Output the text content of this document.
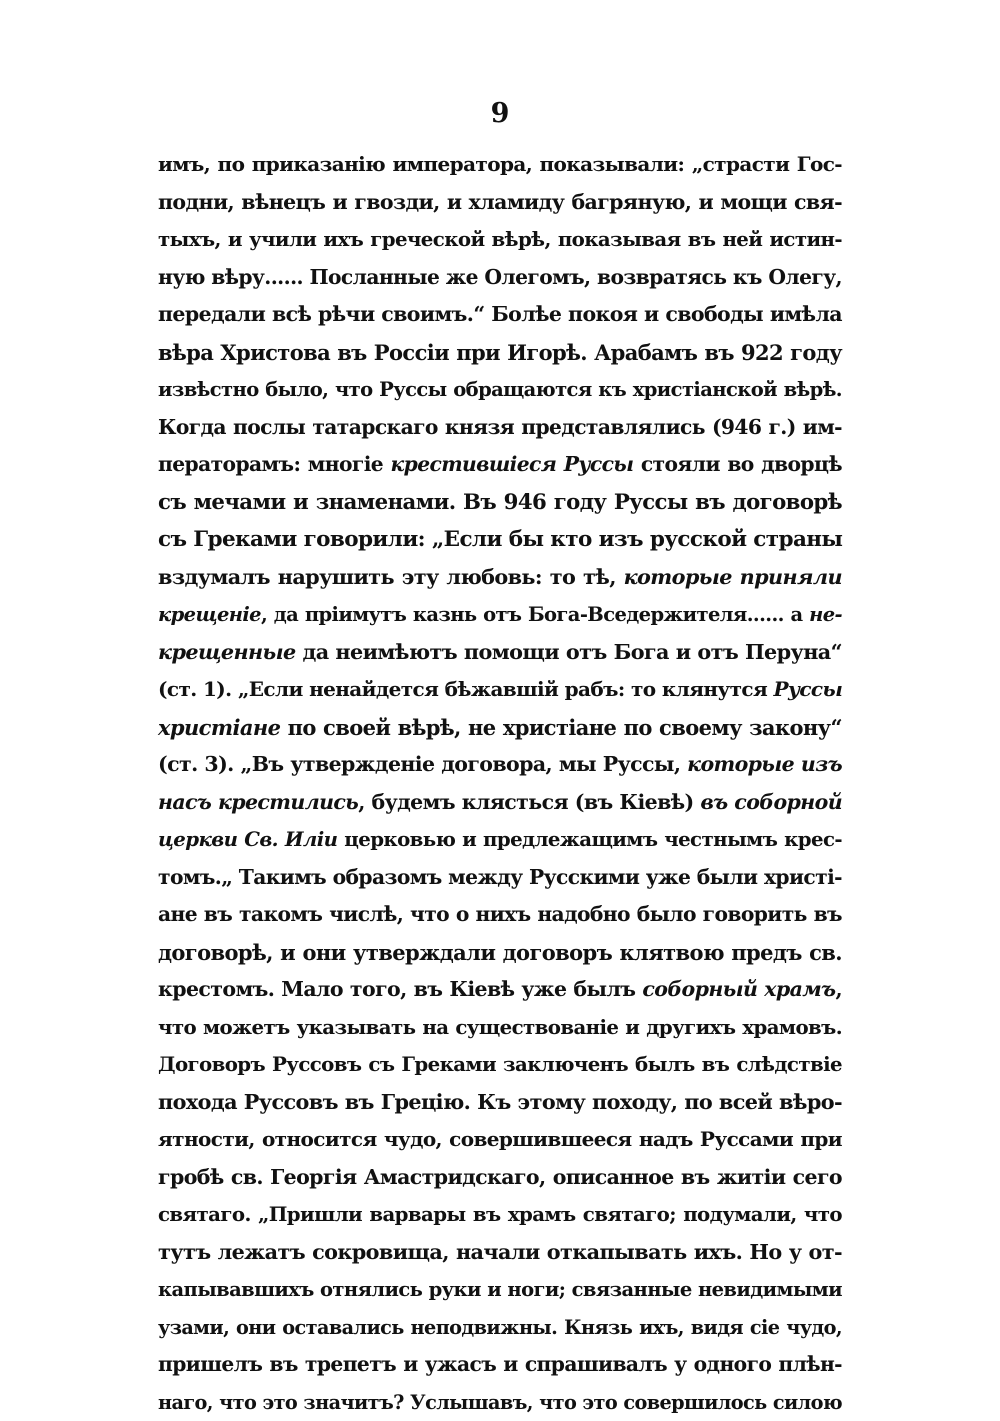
9
имъ, по приказанію императора, показывали: „страсти Гос-
подни, вѣнецъ и гвозди, и хламиду багряную, и мощи свя-
тыхъ, и учили ихъ греческой вѣрѣ, показывая въ ней истин-
ную вѣру...... Посланные же Олегомъ, возвратясь къ Олегу,
передали всѣ рѣчи своимъ.“ Болѣе покоя и свободы имѣла
вѣра Христова въ Россіи при Игорѣ. Арабамъ въ 922 году
извѣстно было, что Руссы обращаются къ христіанской вѣрѣ.
Когда послы татарскаго князя представлялись (946 г.) им-
ператорамъ: многіе крестившіеся Руссы стояли во дворцѣ
съ мечами и знаменами. Въ 946 году Руссы въ договорѣ
съ Греками говорили: „Если бы кто изъ русской страны
вздумалъ нарушить эту любовь: то тѣ, которые приняли
крещеніе, да пріимутъ казнь отъ Бога-Вседержителя...... а не-
крещенные да неимѣютъ помощи отъ Бога и отъ Перуна“
(ст. 1). „Если ненайдется бѣжавшій рабъ: то клянутся Руссы
христіане по своей вѣрѣ, не христіане по своему закону“
(ст. 3). „Въ утвержденіе договора, мы Руссы, которые изъ
насъ крестились, будемъ клясться (въ Кіевѣ) въ соборной
церкви Св. Иліи церковью и предлежащимъ честнымъ крес-
томъ.„ Такимъ образомъ между Русскими уже были христі-
ане въ такомъ числѣ, что о нихъ надобно было говорить въ
договорѣ, и они утверждали договоръ клятвою предъ св.
крестомъ. Мало того, въ Кіевѣ уже былъ соборный храмъ,
что можетъ указывать на существованіе и другихъ храмовъ.
Договоръ Руссовъ съ Греками заключенъ былъ въ слѣдствіе
похода Руссовъ въ Грецію. Къ этому походу, по всей вѣро-
ятности, относится чудо, совершившееся надъ Руссами при
гробѣ св. Георгія Амастридскаго, описанное въ житіи сего
святаго. „Пришли варвары въ храмъ святаго; подумали, что
тутъ лежатъ сокровища, начали откапывать ихъ. Но у от-
капывавшихъ отнялись руки и ноги; связанные невидимыми
узами, они оставались неподвижны. Князь ихъ, видя сіе чудо,
пришелъ въ трепетъ и ужасъ и спрашивалъ у одного плѣн-
наго, что это значитъ? Услышавъ, что это совершилось силою
